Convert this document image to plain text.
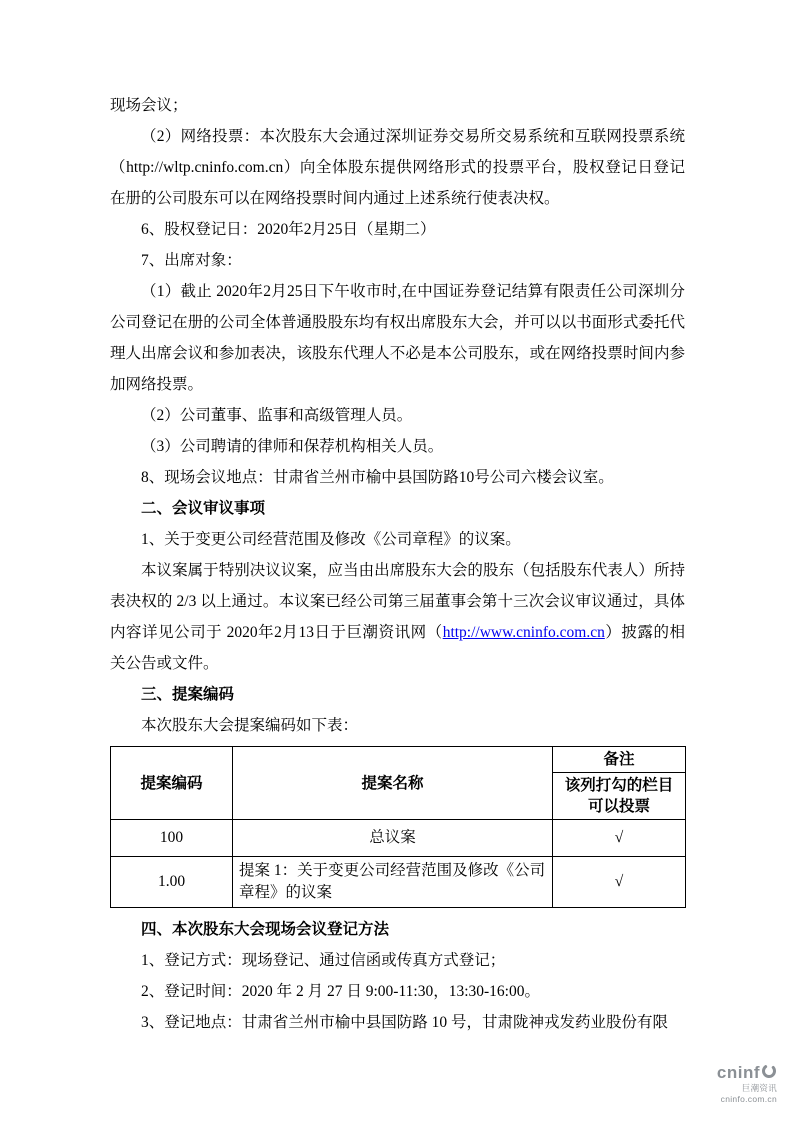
现场会议；

（2）网络投票：本次股东大会通过深圳证券交易所交易系统和互联网投票系统（http://wltp.cninfo.com.cn）向全体股东提供网络形式的投票平台，股权登记日登记在册的公司股东可以在网络投票时间内通过上述系统行使表决权。

6、股权登记日：2020年2月25日（星期二）

7、出席对象：

（1）截止 2020年2月25日下午收市时,在中国证券登记结算有限责任公司深圳分公司登记在册的公司全体普通股股东均有权出席股东大会，并可以以书面形式委托代理人出席会议和参加表决，该股东代理人不必是本公司股东，或在网络投票时间内参加网络投票。

（2）公司董事、监事和高级管理人员。

（3）公司聘请的律师和保荐机构相关人员。

8、现场会议地点：甘肃省兰州市榆中县国防路10号公司六楼会议室。

二、会议审议事项

1、关于变更公司经营范围及修改《公司章程》的议案。

本议案属于特别决议议案，应当由出席股东大会的股东（包括股东代表人）所持表决权的 2/3 以上通过。本议案已经公司第三届董事会第十三次会议审议通过，具体内容详见公司于 2020年2月13日于巨潮资讯网（http://www.cninfo.com.cn）披露的相关公告或文件。

三、提案编码

本次股东大会提案编码如下表：

提案编码	提案名称	备注
		该列打勾的栏目可以投票
100	总议案	√
1.00	提案 1：关于变更公司经营范围及修改《公司章程》的议案	√

四、本次股东大会现场会议登记方法

1、登记方式：现场登记、通过信函或传真方式登记；

2、登记时间：2020 年 2 月 27 日 9:00-11:30，13:30-16:00。

3、登记地点：甘肃省兰州市榆中县国防路 10 号，甘肃陇神戎发药业股份有限

cninf
巨潮资讯
cninfo.com.cn
